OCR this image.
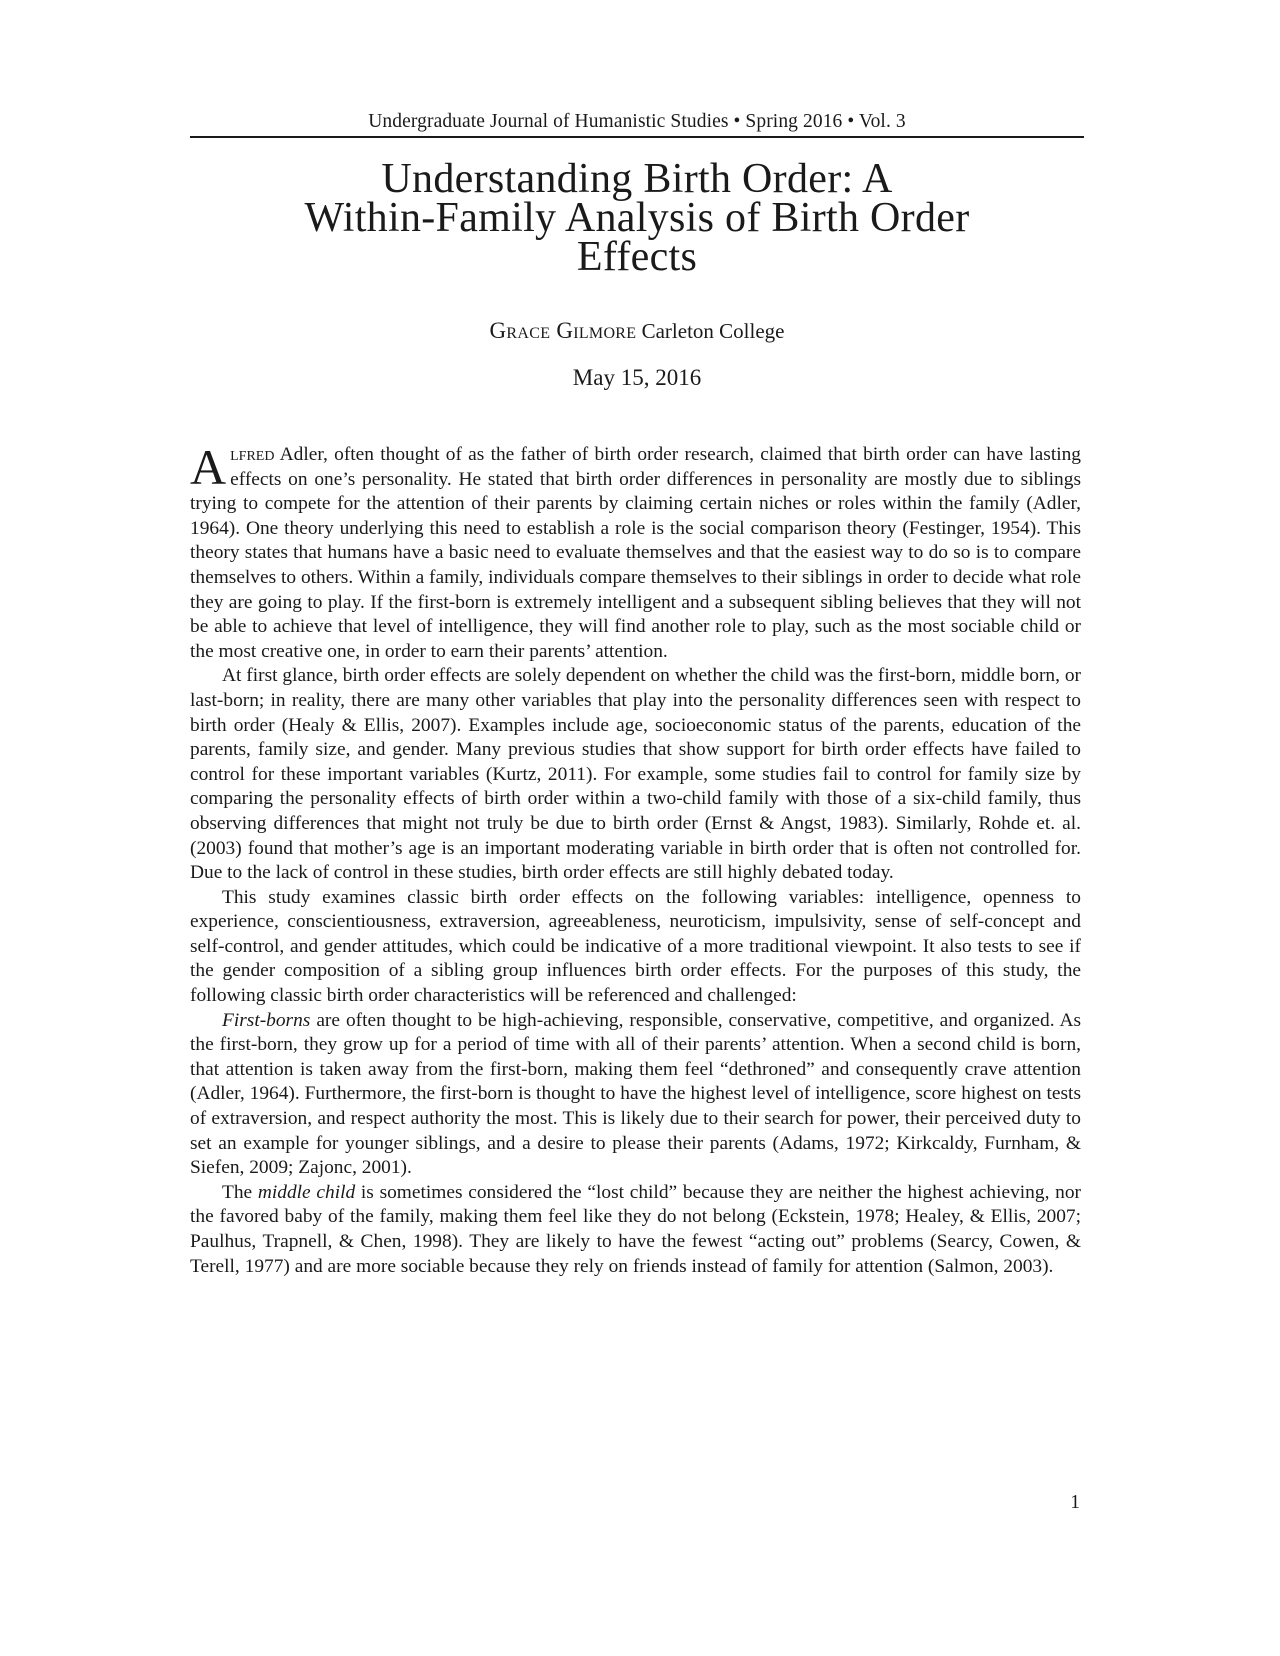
Undergraduate Journal of Humanistic Studies • Spring 2016 • Vol. 3
Understanding Birth Order: A
Within-Family Analysis of Birth Order
Effects
Grace Gilmore Carleton College
May 15, 2016

Alfred Adler, often thought of as the father of birth order research, claimed that birth order can have lasting effects on one’s personality. He stated that birth order differences in personality are mostly due to siblings trying to compete for the attention of their parents by claiming certain niches or roles within the family (Adler, 1964). One theory underlying this need to establish a role is the social comparison theory (Festinger, 1954). This theory states that humans have a basic need to evaluate themselves and that the easiest way to do so is to compare themselves to others. Within a family, individuals compare themselves to their siblings in order to decide what role they are going to play. If the first-born is extremely intelligent and a subsequent sibling believes that they will not be able to achieve that level of intelligence, they will find another role to play, such as the most sociable child or the most creative one, in order to earn their parents’ attention.

At first glance, birth order effects are solely dependent on whether the child was the first-born, middle born, or last-born; in reality, there are many other variables that play into the personality differences seen with respect to birth order (Healy & Ellis, 2007). Examples include age, socioeconomic status of the parents, education of the parents, family size, and gender. Many previous studies that show support for birth order effects have failed to control for these important variables (Kurtz, 2011). For example, some studies fail to control for family size by comparing the personality effects of birth order within a two-child family with those of a six-child family, thus observing differences that might not truly be due to birth order (Ernst & Angst, 1983). Similarly, Rohde et. al. (2003) found that mother’s age is an important moderating variable in birth order that is often not controlled for. Due to the lack of control in these studies, birth order effects are still highly debated today.

This study examines classic birth order effects on the following variables: intelligence, openness to experience, conscientiousness, extraversion, agreeableness, neuroticism, impulsivity, sense of self-concept and self-control, and gender attitudes, which could be indicative of a more traditional viewpoint. It also tests to see if the gender composition of a sibling group influences birth order effects. For the purposes of this study, the following classic birth order characteristics will be referenced and challenged:

First-borns are often thought to be high-achieving, responsible, conservative, competitive, and organized. As the first-born, they grow up for a period of time with all of their parents’ attention. When a second child is born, that attention is taken away from the first-born, making them feel “dethroned” and consequently crave attention (Adler, 1964). Furthermore, the first-born is thought to have the highest level of intelligence, score highest on tests of extraversion, and respect authority the most. This is likely due to their search for power, their perceived duty to set an example for younger siblings, and a desire to please their parents (Adams, 1972; Kirkcaldy, Furnham, & Siefen, 2009; Zajonc, 2001).

The middle child is sometimes considered the “lost child” because they are neither the highest achieving, nor the favored baby of the family, making them feel like they do not belong (Eckstein, 1978; Healey, & Ellis, 2007; Paulhus, Trapnell, & Chen, 1998). They are likely to have the fewest “acting out” problems (Searcy, Cowen, & Terell, 1977) and are more sociable because they rely on friends instead of family for attention (Salmon, 2003).

1
